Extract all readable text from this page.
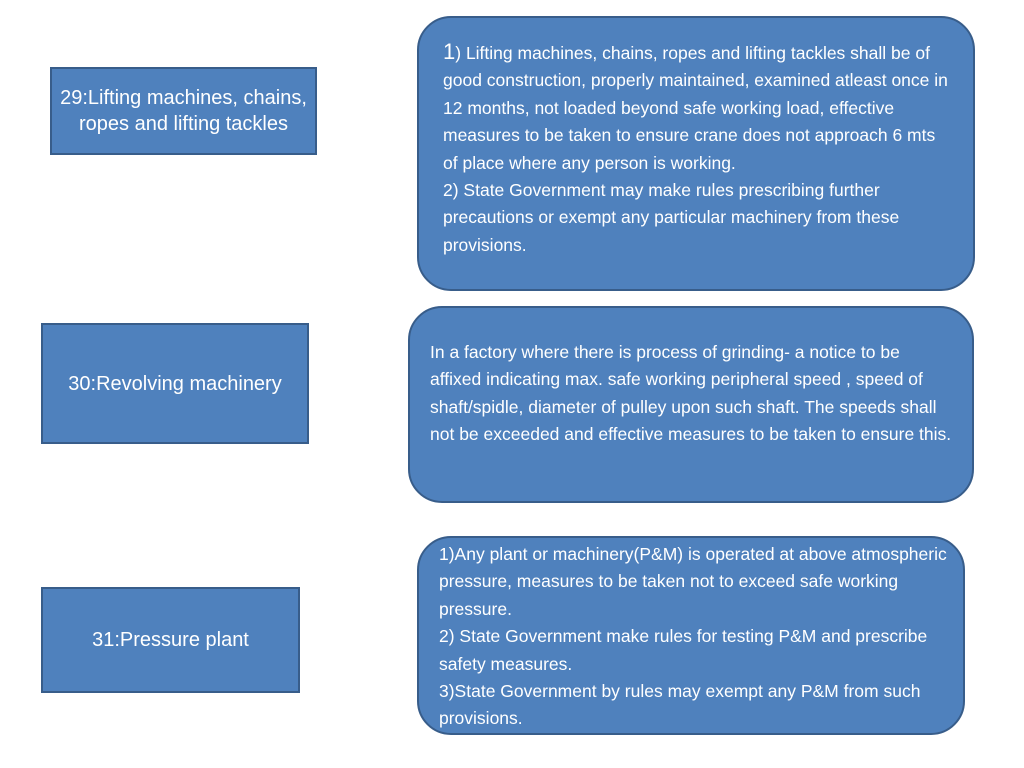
29:Lifting machines, chains, ropes and lifting tackles

1) Lifting machines, chains, ropes and lifting tackles shall be of good construction, properly maintained, examined atleast once in 12 months, not loaded beyond safe working load, effective measures to be taken to ensure crane does not approach 6 mts of place where any person is working.

2) State Government may make rules prescribing further precautions or exempt any particular machinery from these provisions.

30:Revolving machinery

In a factory where there is process of grinding- a notice to be affixed indicating max. safe working peripheral speed , speed of shaft/spidle, diameter of pulley upon such shaft. The speeds shall not be exceeded and effective measures to be taken to ensure this.

31:Pressure plant

1)Any plant or machinery(P&M) is operated at above atmospheric pressure, measures to be taken not to exceed safe working pressure.

2) State Government make rules for testing P&M and prescribe safety measures.

3)State Government by rules may exempt any P&M from such provisions.
